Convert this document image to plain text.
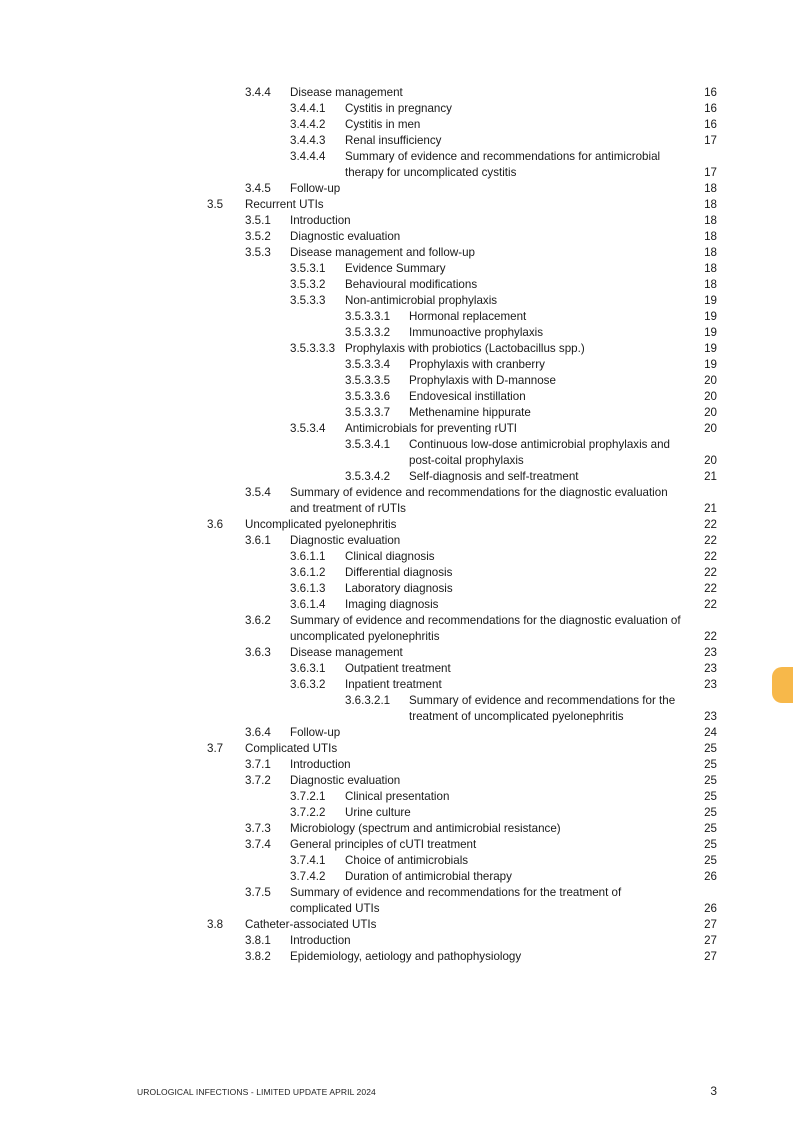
3.4.4 Disease management	16
3.4.4.1 Cystitis in pregnancy	16
3.4.4.2 Cystitis in men	16
3.4.4.3 Renal insufficiency	17
3.4.4.4 Summary of evidence and recommendations for antimicrobial
therapy for uncomplicated cystitis	17
3.4.5 Follow-up	18
3.5 Recurrent UTIs	18
3.5.1 Introduction	18
3.5.2 Diagnostic evaluation	18
3.5.3 Disease management and follow-up	18
3.5.3.1 Evidence Summary	18
3.5.3.2 Behavioural modifications	18
3.5.3.3 Non-antimicrobial prophylaxis	19
3.5.3.3.1 Hormonal replacement	19
3.5.3.3.2 Immunoactive prophylaxis	19
3.5.3.3.3 Prophylaxis with probiotics (Lactobacillus spp.)	19
3.5.3.3.4 Prophylaxis with cranberry	19
3.5.3.3.5 Prophylaxis with D-mannose	20
3.5.3.3.6 Endovesical instillation	20
3.5.3.3.7 Methenamine hippurate	20
3.5.3.4 Antimicrobials for preventing rUTI	20
3.5.3.4.1 Continuous low-dose antimicrobial prophylaxis and
post-coital prophylaxis	20
3.5.3.4.2 Self-diagnosis and self-treatment	21
3.5.4 Summary of evidence and recommendations for the diagnostic evaluation
and treatment of rUTIs	21
3.6 Uncomplicated pyelonephritis	22
3.6.1 Diagnostic evaluation	22
3.6.1.1 Clinical diagnosis	22
3.6.1.2 Differential diagnosis	22
3.6.1.3 Laboratory diagnosis	22
3.6.1.4 Imaging diagnosis	22
3.6.2 Summary of evidence and recommendations for the diagnostic evaluation of
uncomplicated pyelonephritis	22
3.6.3 Disease management	23
3.6.3.1 Outpatient treatment	23
3.6.3.2 Inpatient treatment	23
3.6.3.2.1 Summary of evidence and recommendations for the
treatment of uncomplicated pyelonephritis	23
3.6.4 Follow-up	24
3.7 Complicated UTIs	25
3.7.1 Introduction	25
3.7.2 Diagnostic evaluation	25
3.7.2.1 Clinical presentation	25
3.7.2.2 Urine culture	25
3.7.3 Microbiology (spectrum and antimicrobial resistance)	25
3.7.4 General principles of cUTI treatment	25
3.7.4.1 Choice of antimicrobials	25
3.7.4.2 Duration of antimicrobial therapy	26
3.7.5 Summary of evidence and recommendations for the treatment of
complicated UTIs	26
3.8 Catheter-associated UTIs	27
3.8.1 Introduction	27
3.8.2 Epidemiology, aetiology and pathophysiology	27
UROLOGICAL INFECTIONS - LIMITED UPDATE APRIL 2024	3
